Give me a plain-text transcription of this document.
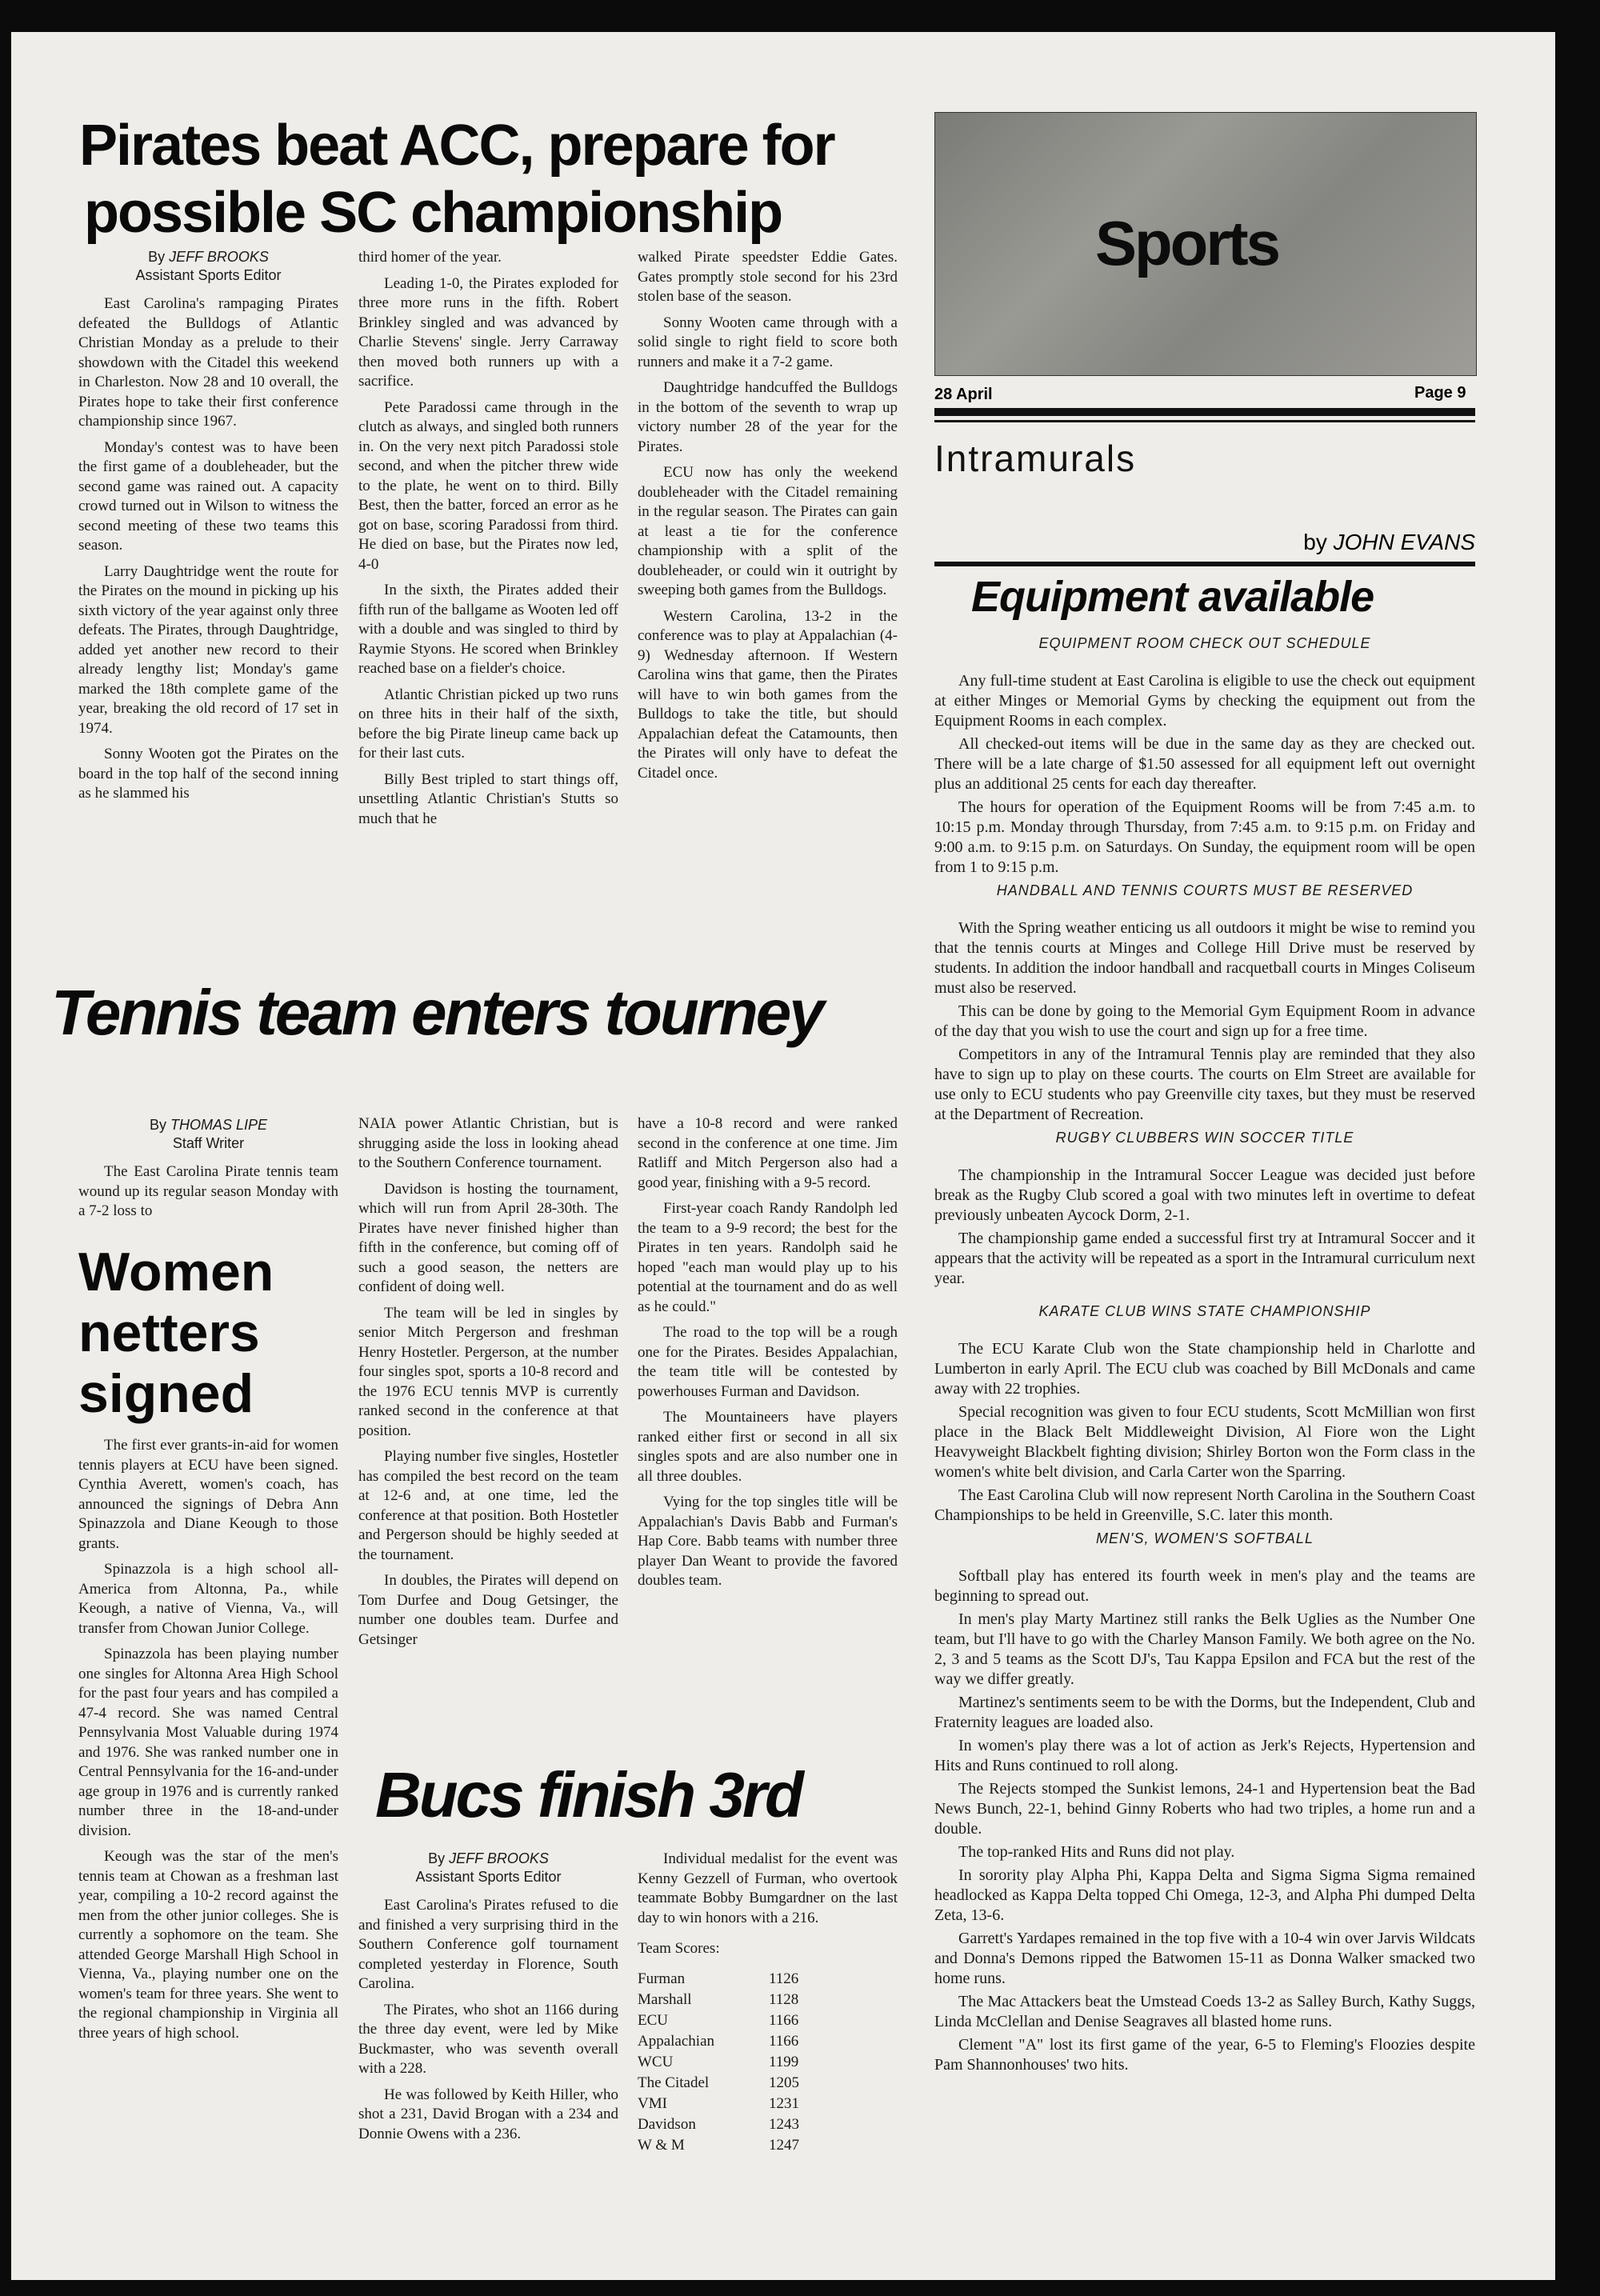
Pirates beat ACC, prepare for
possible SC championship
By JEFF BROOKS
Assistant Sports Editor

East Carolina's rampaging Pirates defeated the Bulldogs of Atlantic Christian Monday as a prelude to their showdown with the Citadel this weekend in Charleston. Now 28 and 10 overall, the Pirates hope to take their first conference championship since 1967.

Monday's contest was to have been the first game of a doubleheader, but the second game was rained out. A capacity crowd turned out in Wilson to witness the second meeting of these two teams this season.

Larry Daughtridge went the route for the Pirates on the mound in picking up his sixth victory of the year against only three defeats. The Pirates, through Daughtridge, added yet another new record to their already lengthy list; Monday's game marked the 18th complete game of the year, breaking the old record of 17 set in 1974.

Sonny Wooten got the Pirates on the board in the top half of the second inning as he slammed his

third homer of the year.

Leading 1-0, the Pirates exploded for three more runs in the fifth. Robert Brinkley singled and was advanced by Charlie Stevens' single. Jerry Carraway then moved both runners up with a sacrifice.

Pete Paradossi came through in the clutch as always, and singled both runners in. On the very next pitch Paradossi stole second, and when the pitcher threw wide to the plate, he went on to third. Billy Best, then the batter, forced an error as he got on base, scoring Paradossi from third. He died on base, but the Pirates now led, 4-0

In the sixth, the Pirates added their fifth run of the ballgame as Wooten led off with a double and was singled to third by Raymie Styons. He scored when Brinkley reached base on a fielder's choice.

Atlantic Christian picked up two runs on three hits in their half of the sixth, before the big Pirate lineup came back up for their last cuts.

Billy Best tripled to start things off, unsettling Atlantic Christian's Stutts so much that he

walked Pirate speedster Eddie Gates. Gates promptly stole second for his 23rd stolen base of the season.

Sonny Wooten came through with a solid single to right field to score both runners and make it a 7-2 game.

Daughtridge handcuffed the Bulldogs in the bottom of the seventh to wrap up victory number 28 of the year for the Pirates.

ECU now has only the weekend doubleheader with the Citadel remaining in the regular season. The Pirates can gain at least a tie for the conference championship with a split of the doubleheader, or could win it outright by sweeping both games from the Bulldogs.

Western Carolina, 13-2 in the conference was to play at Appalachian (4-9) Wednesday afternoon. If Western Carolina wins that game, then the Pirates will have to win both games from the Bulldogs to take the title, but should Appalachian defeat the Catamounts, then the Pirates will only have to defeat the Citadel once.

Tennis team enters tourney
By THOMAS LIPE
Staff Writer

The East Carolina Pirate tennis team wound up its regular season Monday with a 7-2 loss to

NAIA power Atlantic Christian, but is shrugging aside the loss in looking ahead to the Southern Conference tournament.

Davidson is hosting the tournament, which will run from April 28-30th. The Pirates have never finished higher than fifth in the conference, but coming off of such a good season, the netters are confident of doing well.

The team will be led in singles by senior Mitch Pergerson and freshman Henry Hostetler. Pergerson, at the number four singles spot, sports a 10-8 record and the 1976 ECU tennis MVP is currently ranked second in the conference at that position.

Playing number five singles, Hostetler has compiled the best record on the team at 12-6 and, at one time, led the conference at that position. Both Hostetler and Pergerson should be highly seeded at the tournament.

In doubles, the Pirates will depend on Tom Durfee and Doug Getsinger, the number one doubles team. Durfee and Getsinger

have a 10-8 record and were ranked second in the conference at one time. Jim Ratliff and Mitch Pergerson also had a good year, finishing with a 9-5 record.

First-year coach Randy Randolph led the team to a 9-9 record; the best for the Pirates in ten years. Randolph said he hoped "each man would play up to his potential at the tournament and do as well as he could."

The road to the top will be a rough one for the Pirates. Besides Appalachian, the team title will be contested by powerhouses Furman and Davidson.

The Mountaineers have players ranked either first or second in all six singles spots and are also number one in all three doubles.

Vying for the top singles title will be Appalachian's Davis Babb and Furman's Hap Core. Babb teams with number three player Dan Weant to provide the favored doubles team.

Women
netters
signed

The first ever grants-in-aid for women tennis players at ECU have been signed. Cynthia Averett, women's coach, has announced the signings of Debra Ann Spinazzola and Diane Keough to those grants.

Spinazzola is a high school all-America from Altonna, Pa., while Keough, a native of Vienna, Va., will transfer from Chowan Junior College.

Spinazzola has been playing number one singles for Altonna Area High School for the past four years and has compiled a 47-4 record. She was named Central Pennsylvania Most Valuable during 1974 and 1976. She was ranked number one in Central Pennsylvania for the 16-and-under age group in 1976 and is currently ranked number three in the 18-and-under division.

Keough was the star of the men's tennis team at Chowan as a freshman last year, compiling a 10-2 record against the men from the other junior colleges. She is currently a sophomore on the team. She attended George Marshall High School in Vienna, Va., playing number one on the women's team for three years. She went to the regional championship in Virginia all three years of high school.

Bucs finish 3rd
By JEFF BROOKS
Assistant Sports Editor

East Carolina's Pirates refused to die and finished a very surprising third in the Southern Conference golf tournament completed yesterday in Florence, South Carolina.

The Pirates, who shot an 1166 during the three day event, were led by Mike Buckmaster, who was seventh overall with a 228.

He was followed by Keith Hiller, who shot a 231, David Brogan with a 234 and Donnie Owens with a 236.

Individual medalist for the event was Kenny Gezzell of Furman, who overtook teammate Bobby Bumgardner on the last day to win honors with a 216.

Team Scores:
Furman	1126
Marshall	1128
ECU	1166
Appalachian	1166
WCU	1199
The Citadel	1205
VMI	1231
Davidson	1243
W & M	1247
Sports
28 April	Page 9
Intramurals
by JOHN EVANS
Equipment available
EQUIPMENT ROOM CHECK OUT SCHEDULE

Any full-time student at East Carolina is eligible to use the check out equipment at either Minges or Memorial Gyms by checking the equipment out from the Equipment Rooms in each complex.

All checked-out items will be due in the same day as they are checked out. There will be a late charge of $1.50 assessed for all equipment left out overnight plus an additional 25 cents for each day thereafter.

The hours for operation of the Equipment Rooms will be from 7:45 a.m. to 10:15 p.m. Monday through Thursday, from 7:45 a.m. to 9:15 p.m. on Friday and 9:00 a.m. to 9:15 p.m. on Saturdays. On Sunday, the equipment room will be open from 1 to 9:15 p.m.

HANDBALL AND TENNIS COURTS MUST BE RESERVED

With the Spring weather enticing us all outdoors it might be wise to remind you that the tennis courts at Minges and College Hill Drive must be reserved by students. In addition the indoor handball and racquetball courts in Minges Coliseum must also be reserved.

This can be done by going to the Memorial Gym Equipment Room in advance of the day that you wish to use the court and sign up for a free time.

Competitors in any of the Intramural Tennis play are reminded that they also have to sign up to play on these courts. The courts on Elm Street are available for use only to ECU students who pay Greenville city taxes, but they must be reserved at the Department of Recreation.

RUGBY CLUBBERS WIN SOCCER TITLE

The championship in the Intramural Soccer League was decided just before break as the Rugby Club scored a goal with two minutes left in overtime to defeat previously unbeaten Aycock Dorm, 2-1.

The championship game ended a successful first try at Intramural Soccer and it appears that the activity will be repeated as a sport in the Intramural curriculum next year.

KARATE CLUB WINS STATE CHAMPIONSHIP

The ECU Karate Club won the State championship held in Charlotte and Lumberton in early April. The ECU club was coached by Bill McDonals and came away with 22 trophies.

Special recognition was given to four ECU students, Scott McMillian won first place in the Black Belt Middleweight Division, Al Fiore won the Light Heavyweight Blackbelt fighting division; Shirley Borton won the Form class in the women's white belt division, and Carla Carter won the Sparring.

The East Carolina Club will now represent North Carolina in the Southern Coast Championships to be held in Greenville, S.C. later this month.

MEN'S, WOMEN'S SOFTBALL

Softball play has entered its fourth week in men's play and the teams are beginning to spread out.

In men's play Marty Martinez still ranks the Belk Uglies as the Number One team, but I'll have to go with the Charley Manson Family. We both agree on the No. 2, 3 and 5 teams as the Scott DJ's, Tau Kappa Epsilon and FCA but the rest of the way we differ greatly.

Martinez's sentiments seem to be with the Dorms, but the Independent, Club and Fraternity leagues are loaded also.

In women's play there was a lot of action as Jerk's Rejects, Hypertension and Hits and Runs continued to roll along.

The Rejects stomped the Sunkist lemons, 24-1 and Hypertension beat the Bad News Bunch, 22-1, behind Ginny Roberts who had two triples, a home run and a double.

The top-ranked Hits and Runs did not play.

In sorority play Alpha Phi, Kappa Delta and Sigma Sigma Sigma remained headlocked as Kappa Delta topped Chi Omega, 12-3, and Alpha Phi dumped Delta Zeta, 13-6.

Garrett's Yardapes remained in the top five with a 10-4 win over Jarvis Wildcats and Donna's Demons ripped the Batwomen 15-11 as Donna Walker smacked two home runs.

The Mac Attackers beat the Umstead Coeds 13-2 as Salley Burch, Kathy Suggs, Linda McClellan and Denise Seagraves all blasted home runs.

Clement "A" lost its first game of the year, 6-5 to Fleming's Floozies despite Pam Shannonhouses' two hits.
